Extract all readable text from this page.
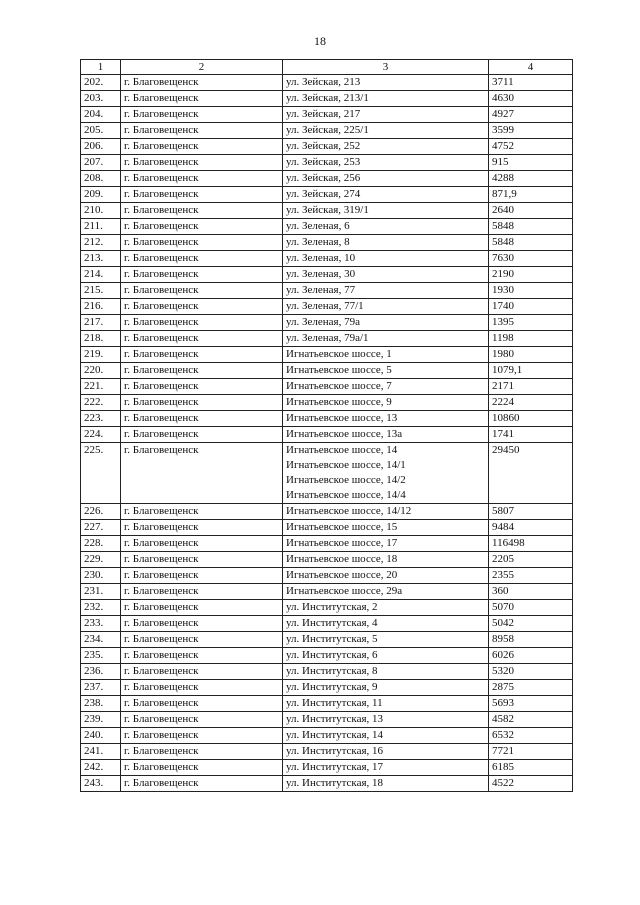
18
1	2	3	4
202.	г. Благовещенск	ул. Зейская, 213	3711
203.	г. Благовещенск	ул. Зейская, 213/1	4630
204.	г. Благовещенск	ул. Зейская, 217	4927
205.	г. Благовещенск	ул. Зейская, 225/1	3599
206.	г. Благовещенск	ул. Зейская, 252	4752
207.	г. Благовещенск	ул. Зейская, 253	915
208.	г. Благовещенск	ул. Зейская, 256	4288
209.	г. Благовещенск	ул. Зейская, 274	871,9
210.	г. Благовещенск	ул. Зейская, 319/1	2640
211.	г. Благовещенск	ул. Зеленая, 6	5848
212.	г. Благовещенск	ул. Зеленая, 8	5848
213.	г. Благовещенск	ул. Зеленая, 10	7630
214.	г. Благовещенск	ул. Зеленая, 30	2190
215.	г. Благовещенск	ул. Зеленая, 77	1930
216.	г. Благовещенск	ул. Зеленая, 77/1	1740
217.	г. Благовещенск	ул. Зеленая, 79а	1395
218.	г. Благовещенск	ул. Зеленая, 79а/1	1198
219.	г. Благовещенск	Игнатьевское шоссе, 1	1980
220.	г. Благовещенск	Игнатьевское шоссе, 5	1079,1
221.	г. Благовещенск	Игнатьевское шоссе, 7	2171
222.	г. Благовещенск	Игнатьевское шоссе, 9	2224
223.	г. Благовещенск	Игнатьевское шоссе, 13	10860
224.	г. Благовещенск	Игнатьевское шоссе, 13а	1741
225.	г. Благовещенск	Игнатьевское шоссе, 14
Игнатьевское шоссе, 14/1
Игнатьевское шоссе, 14/2
Игнатьевское шоссе, 14/4	29450
226.	г. Благовещенск	Игнатьевское шоссе, 14/12	5807
227.	г. Благовещенск	Игнатьевское шоссе, 15	9484
228.	г. Благовещенск	Игнатьевское шоссе, 17	116498
229.	г. Благовещенск	Игнатьевское шоссе, 18	2205
230.	г. Благовещенск	Игнатьевское шоссе, 20	2355
231.	г. Благовещенск	Игнатьевское шоссе, 29а	360
232.	г. Благовещенск	ул. Институтская, 2	5070
233.	г. Благовещенск	ул. Институтская, 4	5042
234.	г. Благовещенск	ул. Институтская, 5	8958
235.	г. Благовещенск	ул. Институтская, 6	6026
236.	г. Благовещенск	ул. Институтская, 8	5320
237.	г. Благовещенск	ул. Институтская, 9	2875
238.	г. Благовещенск	ул. Институтская, 11	5693
239.	г. Благовещенск	ул. Институтская, 13	4582
240.	г. Благовещенск	ул. Институтская, 14	6532
241.	г. Благовещенск	ул. Институтская, 16	7721
242.	г. Благовещенск	ул. Институтская, 17	6185
243.	г. Благовещенск	ул. Институтская, 18	4522
